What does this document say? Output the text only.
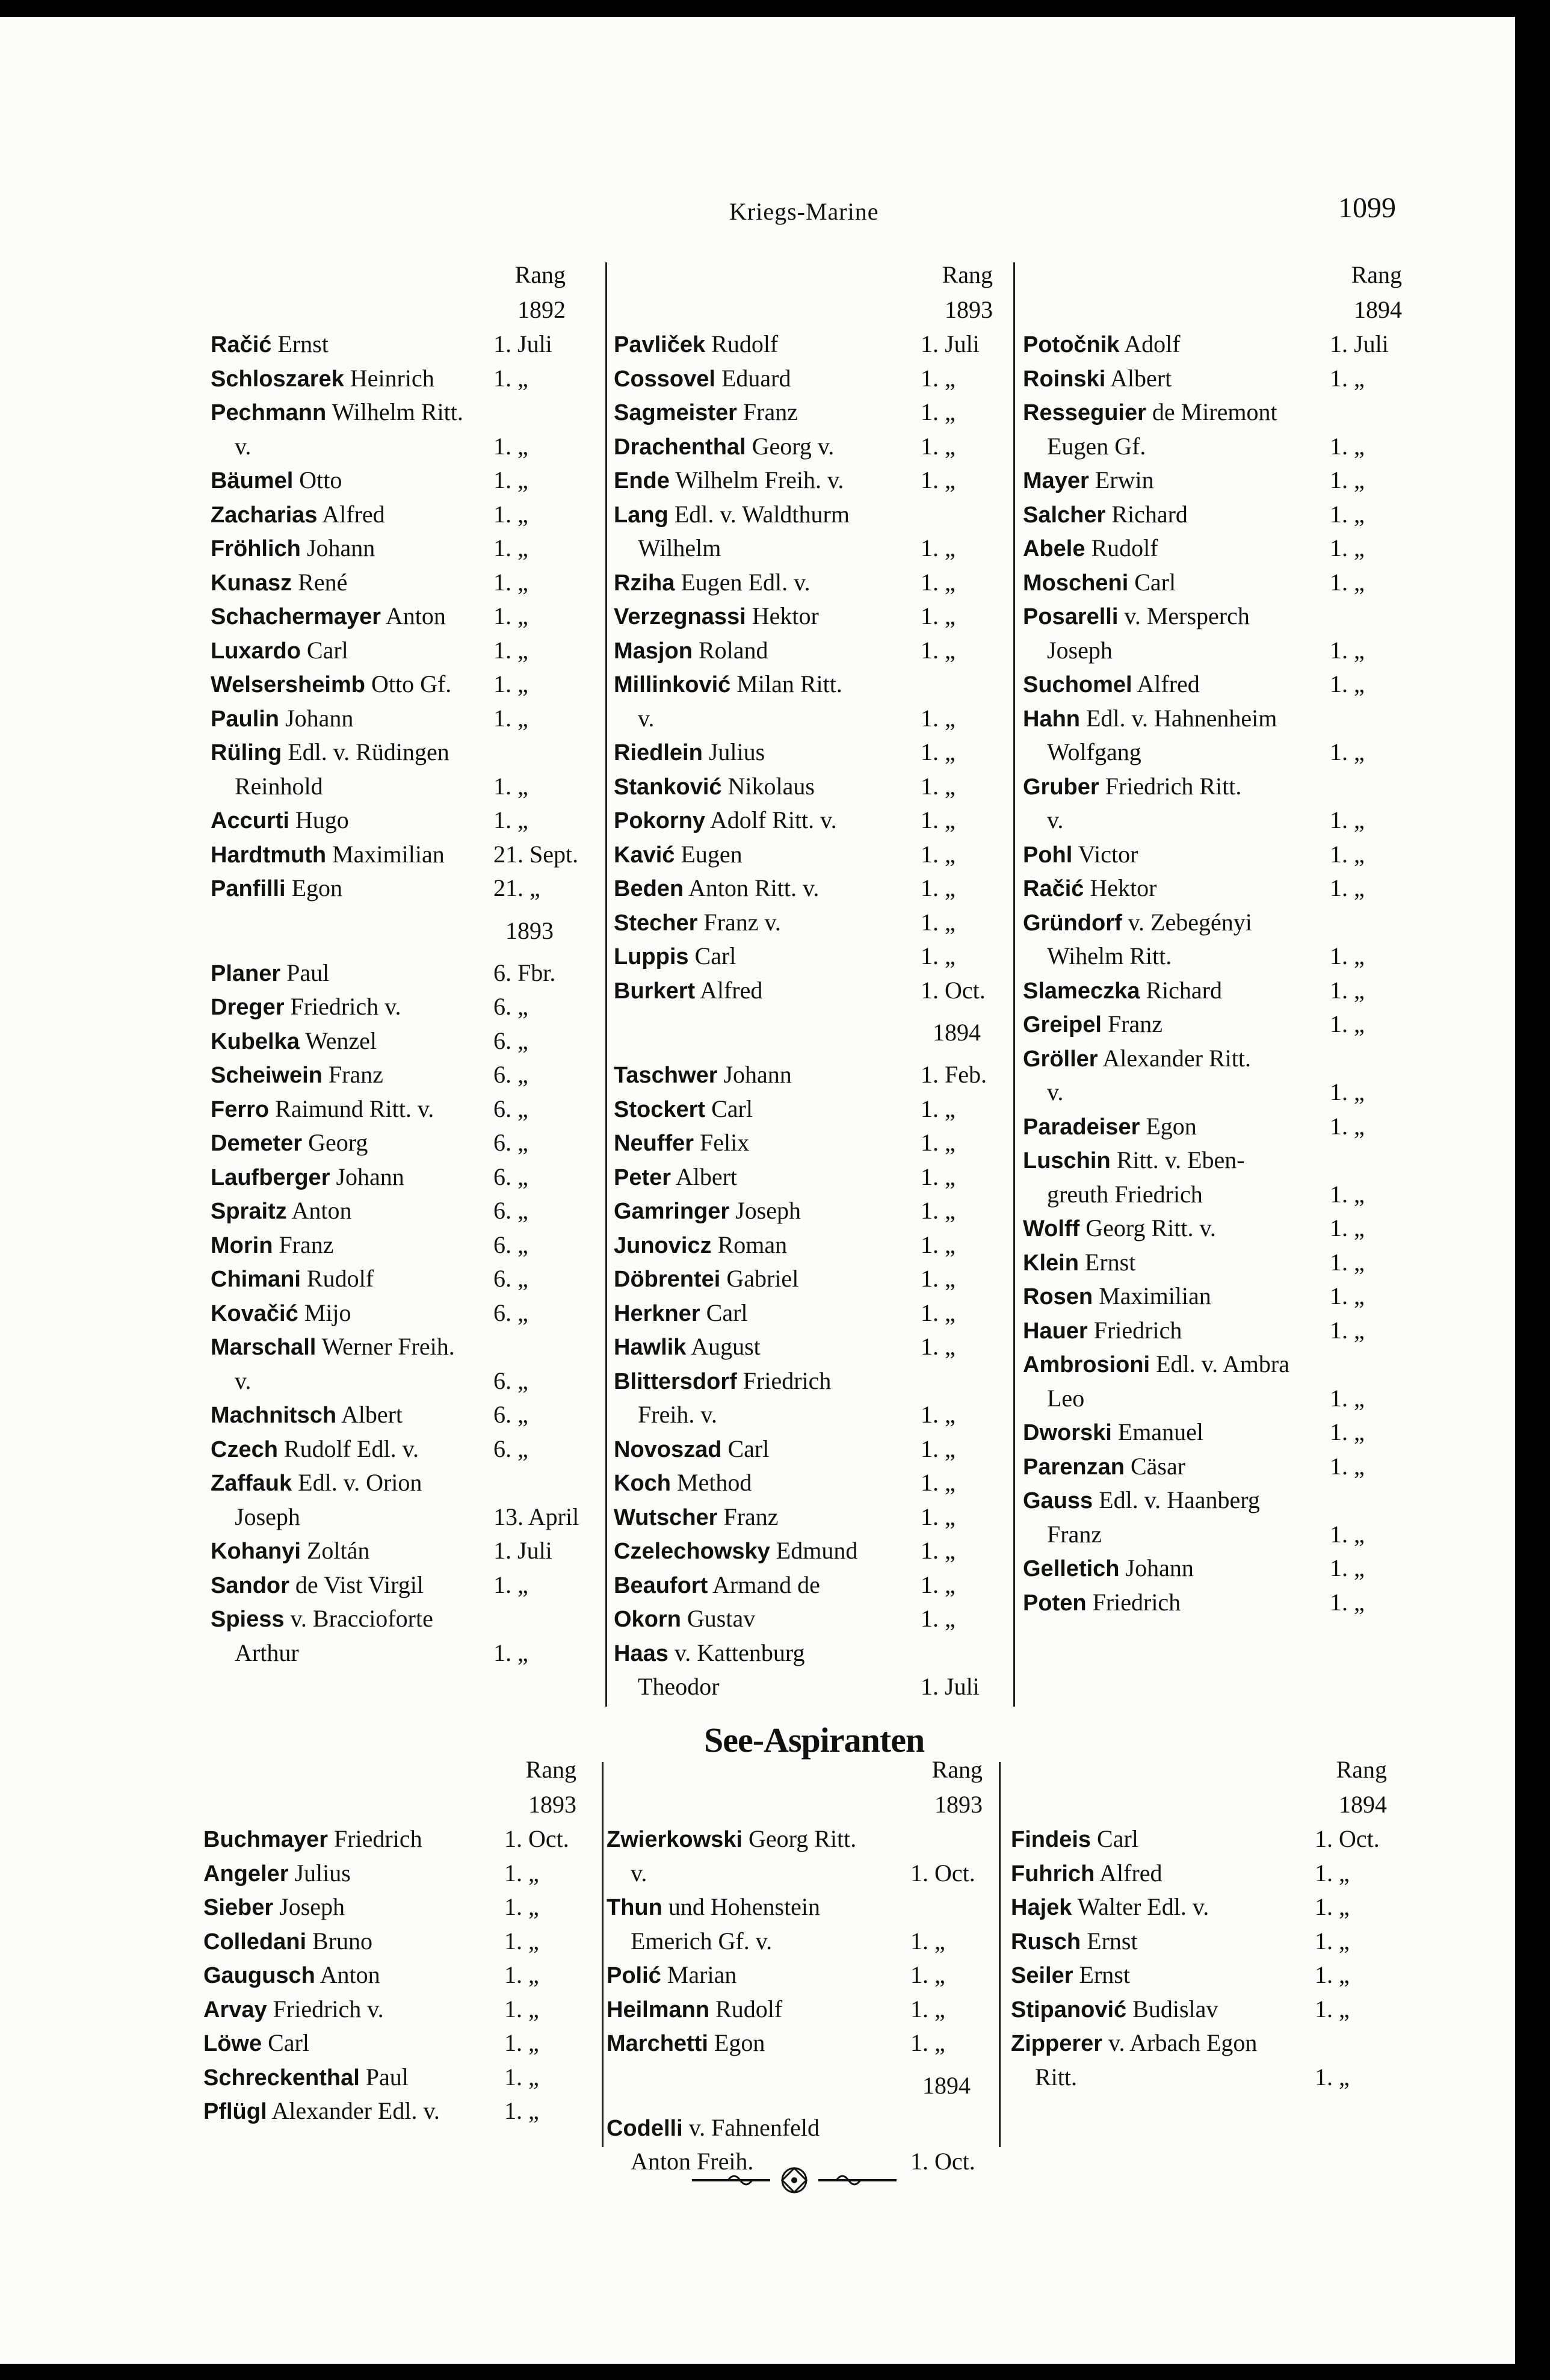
Kriegs-Marine	1099
Rang
1892
Račić Ernst	1. Juli
Schloszarek Heinrich 1. „
Pechmann Wilhelm Ritt.
v.	1. „
Bäumel Otto	1. „
Zacharias Alfred	1. „
Fröhlich Johann	1. „
Kunasz René	1. „
Schachermayer Anton 1. „
Luxardo Carl	1. „
Welsersheimb Otto Gf. 1. „
Paulin Johann	1. „
Rüling Edl. v. Rüdingen
Reinhold	1. „
Accurti Hugo	1. „
Hardtmuth Maximilian 21. Sept.
Panfilli Egon	21. „
1893
Planer Paul	6. Fbr.
Dreger Friedrich v.	6. „
Kubelka Wenzel	6. „
Scheiwein Franz	6. „
Ferro Raimund Ritt. v. 6. „
Demeter Georg	6. „
Laufberger Johann	6. „
Spraitz Anton	6. „
Morin Franz	6. „
Chimani Rudolf	6. „
Kovačić Mijo	6. „
Marschall Werner Freih.
v.	6. „
Machnitsch Albert	6. „
Czech Rudolf Edl. v.	6. „
Zaffauk Edl. v. Orion
Joseph	13. April
Kohanyi Zoltán	1. Juli
Sandor de Vist Virgil	1. „
Spiess v. Braccioforte
Arthur	1. „
Rang
1893
Pavliček Rudolf	1. Juli
Cossovel Eduard	1. „
Sagmeister Franz	1. „
Drachenthal Georg v.	1. „
Ende Wilhelm Freih. v.	1. „
Lang Edl. v. Waldthurm
Wilhelm	1. „
Rziha Eugen Edl. v.	1. „
Verzegnassi Hektor	1. „
Masjon Roland	1. „
Millinković Milan Ritt.
v.	1. „
Riedlein Julius	1. „
Stanković Nikolaus	1. „
Pokorny Adolf Ritt. v.	1. „
Kavić Eugen	1. „
Beden Anton Ritt. v.	1. „
Stecher Franz v.	1. „
Luppis Carl	1. „
Burkert Alfred	1. Oct.
1894
Taschwer Johann	1. Feb.
Stockert Carl	1. „
Neuffer Felix	1. „
Peter Albert	1. „
Gamringer Joseph	1. „
Junovicz Roman	1. „
Döbrentei Gabriel	1. „
Herkner Carl	1. „
Hawlik August	1. „
Blittersdorf Friedrich
Freih. v.	1. „
Novoszad Carl	1. „
Koch Method	1. „
Wutscher Franz	1. „
Czelechowsky Edmund	1. „
Beaufort Armand de	1. „
Okorn Gustav	1. „
Haas v. Kattenburg
Theodor	1. Juli
Rang
1894
Potočnik Adolf	1. Juli
Roinski Albert	1. „
Resseguier de Miremont
Eugen Gf.	1. „
Mayer Erwin	1. „
Salcher Richard	1. „
Abele Rudolf	1. „
Moscheni Carl	1. „
Posarelli v. Mersperch
Joseph	1. „
Suchomel Alfred	1. „
Hahn Edl. v. Hahnenheim
Wolfgang	1. „
Gruber Friedrich Ritt.
v.	1. „
Pohl Victor	1. „
Račić Hektor	1. „
Gründorf v. Zebegényi
Wihelm Ritt.	1. „
Slameczka Richard	1. „
Greipel Franz	1. „
Gröller Alexander Ritt.
v.	1. „
Paradeiser Egon	1. „
Luschin Ritt. v. Eben-
greuth Friedrich	1. „
Wolff Georg Ritt. v.	1. „
Klein Ernst	1. „
Rosen Maximilian	1. „
Hauer Friedrich	1. „
Ambrosioni Edl. v. Ambra
Leo	1. „
Dworski Emanuel	1. „
Parenzan Cäsar	1. „
Gauss Edl. v. Haanberg
Franz	1. „
Gelletich Johann	1. „
Poten Friedrich	1. „
See-Aspiranten
Rang
1893
Buchmayer Friedrich	1. Oct.
Angeler Julius	1. „
Sieber Joseph	1. „
Colledani Bruno	1. „
Gaugusch Anton	1. „
Arvay Friedrich v.	1. „
Löwe Carl	1. „
Schreckenthal Paul	1. „
Pflügl Alexander Edl. v.	1. „
Rang
1893
Zwierkowski Georg Ritt.
v.	1. Oct.
Thun und Hohenstein
Emerich Gf. v.	1. „
Polić Marian	1. „
Heilmann Rudolf	1. „
Marchetti Egon	1. „
1894
Codelli v. Fahnenfeld
Anton Freih.	1. Oct.
Rang
1894
Findeis Carl	1. Oct.
Fuhrich Alfred	1. „
Hajek Walter Edl. v.	1. „
Rusch Ernst	1. „
Seiler Ernst	1. „
Stipanović Budislav	1. „
Zipperer v. Arbach Egon
Ritt.	1. „
